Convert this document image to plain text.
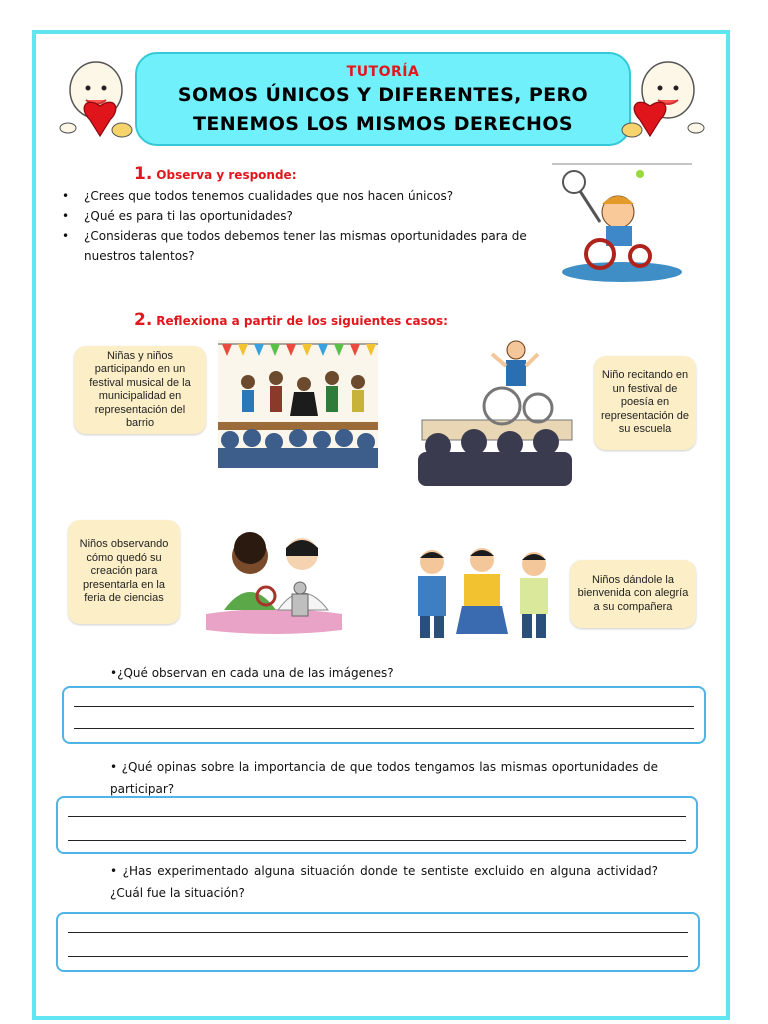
TUTORÍA
SOMOS ÚNICOS Y DIFERENTES, PERO
TENEMOS LOS MISMOS DERECHOS
1. Observa y responde:
• ¿Crees que todos tenemos cualidades que nos hacen únicos?
• ¿Qué es para ti las oportunidades?
• ¿Consideras que todos debemos tener las mismas oportunidades para de
nuestros talentos?
2. Reflexiona a partir de los siguientes casos:
Niñas y niños participando en un festival musical de la municipalidad en representación del barrio
Niño recitando en un festival de poesía en representación de su escuela
Niños observando cómo quedó su creación para presentarla en la feria de ciencias
Niños dándole la bienvenida con alegría a su compañera
•¿Qué observan en cada una de las imágenes?
• ¿Qué opinas sobre la importancia de que todos tengamos las mismas oportunidades de participar?
• ¿Has experimentado alguna situación donde te sentiste excluido en alguna actividad? ¿Cuál fue la situación?
